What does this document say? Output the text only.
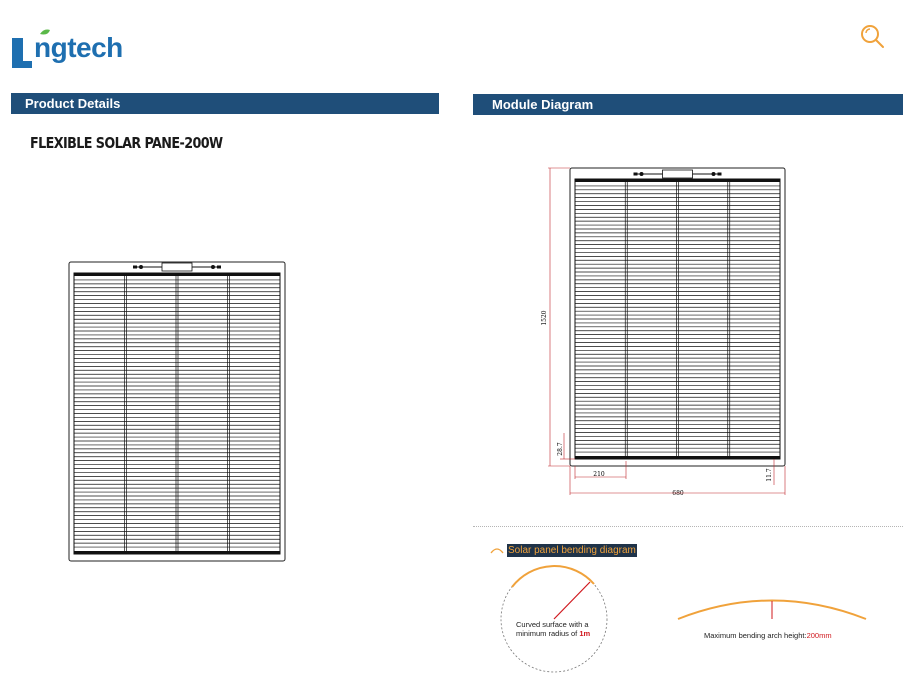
ngtech
Product Details	Module Diagram
FLEXIBLE SOLAR PANE-200W
1520
28.7
210
680
11.7
Solar panel bending diagram
Curved surface with a
minimum radius of 1m	Maximum bending arch height:200mm
